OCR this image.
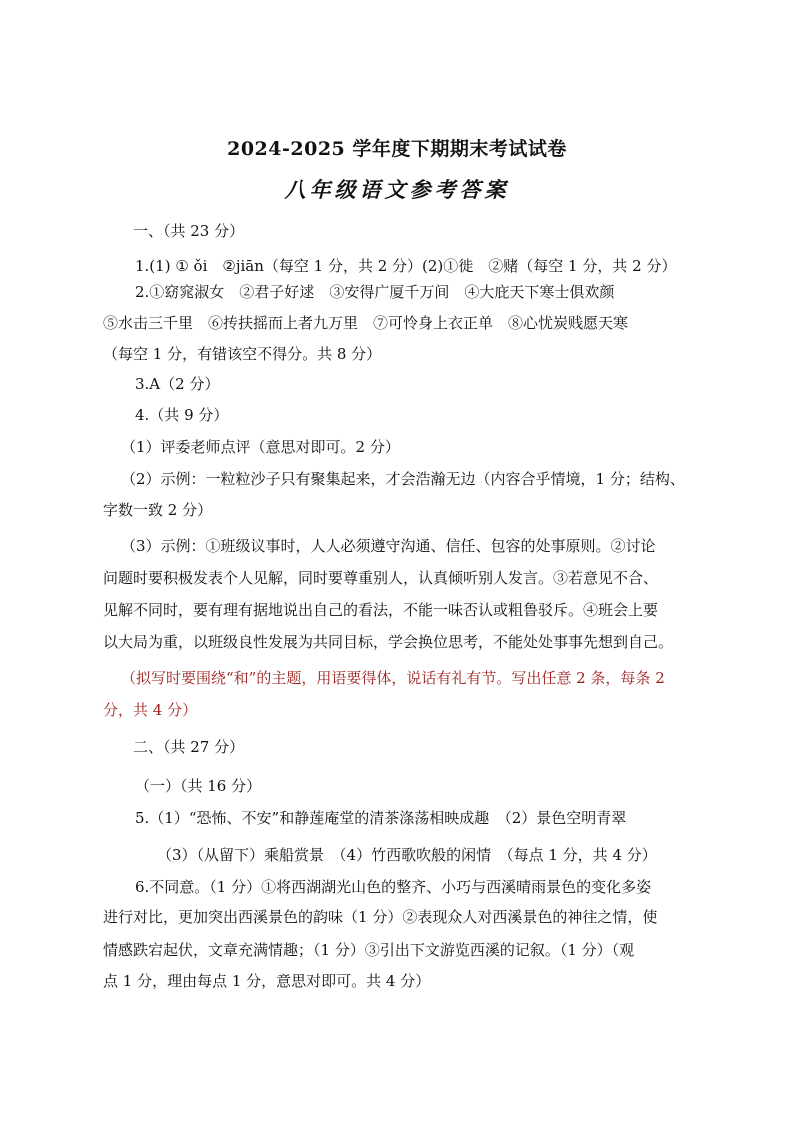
2024-2025 学年度下期期末考试试卷
八年级语文参考答案
一、（共 23 分）
1.(1) ① ǒi　②jiān（每空 1 分，共 2 分）(2)①徙　②赌（每空 1 分，共 2 分）
2.①窈窕淑女　②君子好逑　③安得广厦千万间　④大庇天下寒士俱欢颜
⑤水击三千里　⑥抟扶摇而上者九万里　⑦可怜身上衣正单　⑧心忧炭贱愿天寒
（每空 1 分，有错该空不得分。共 8 分）
3.A（2 分）
4.（共 9 分）
（1）评委老师点评（意思对即可。2 分）
（2）示例：一粒粒沙子只有聚集起来，才会浩瀚无边（内容合乎情境，1 分；结构、
字数一致 2 分）
（3）示例：①班级议事时，人人必须遵守沟通、信任、包容的处事原则。②讨论
问题时要积极发表个人见解，同时要尊重别人，认真倾听别人发言。③若意见不合、
见解不同时，要有理有据地说出自己的看法，不能一味否认或粗鲁驳斥。④班会上要
以大局为重，以班级良性发展为共同目标，学会换位思考，不能处处事事先想到自己。
（拟写时要围绕“和”的主题，用语要得体，说话有礼有节。写出任意 2 条，每条 2
分，共 4 分）
二、（共 27 分）
（一）（共 16 分）
5.（1）“恐怖、不安”和静莲庵堂的清茶涤荡相映成趣　（2）景色空明青翠
（3）（从留下）乘船赏景　（4）竹西歌吹般的闲情　（每点 1 分，共 4 分）
6.不同意。（1 分）①将西湖湖光山色的整齐、小巧与西溪晴雨景色的变化多姿
进行对比，更加突出西溪景色的韵味（1 分）②表现众人对西溪景色的神往之情，使
情感跌宕起伏，文章充满情趣；（1 分）③引出下文游览西溪的记叙。（1 分）（观
点 1 分，理由每点 1 分，意思对即可。共 4 分）
